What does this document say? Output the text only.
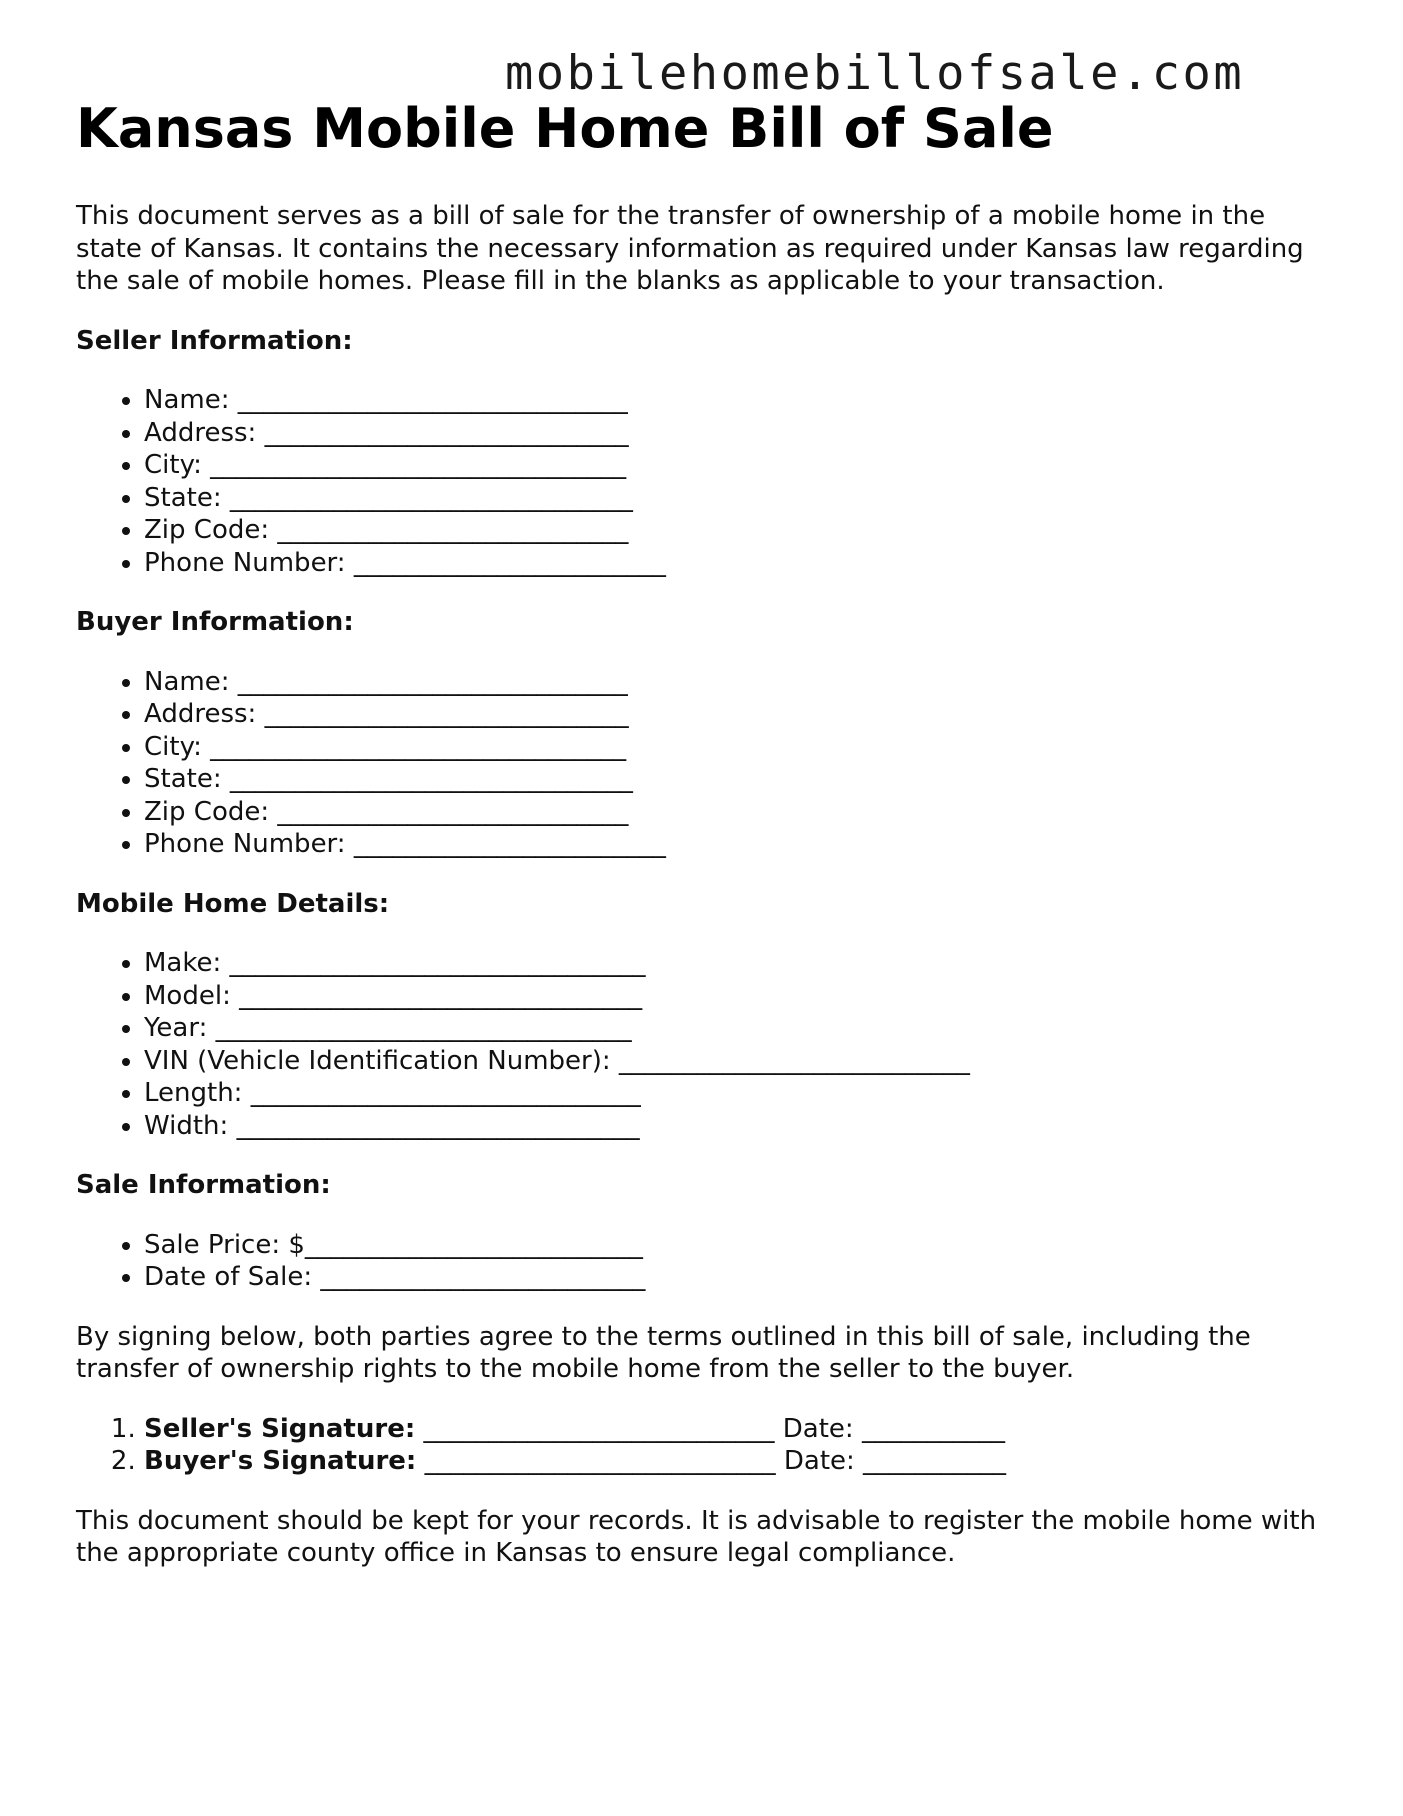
mobilehomebillofsale.com
Kansas Mobile Home Bill of Sale

This document serves as a bill of sale for the transfer of ownership of a mobile home in the state of Kansas. It contains the necessary information as required under Kansas law regarding the sale of mobile homes. Please fill in the blanks as applicable to your transaction.

Seller Information:
• Name: ______________________________
• Address: ____________________________
• City: ________________________________
• State: _______________________________
• Zip Code: ___________________________
• Phone Number: ________________________
Buyer Information:
• Name: ______________________________
• Address: ____________________________
• City: ________________________________
• State: _______________________________
• Zip Code: ___________________________
• Phone Number: ________________________
Mobile Home Details:
• Make: ________________________________
• Model: _______________________________
• Year: ________________________________
• VIN (Vehicle Identification Number): ___________________________
• Length: ______________________________
• Width: _______________________________
Sale Information:
• Sale Price: $__________________________
• Date of Sale: _________________________

By signing below, both parties agree to the terms outlined in this bill of sale, including the transfer of ownership rights to the mobile home from the seller to the buyer.

1. Seller's Signature: ___________________________ Date: ___________
2. Buyer's Signature: ___________________________ Date: ___________

This document should be kept for your records. It is advisable to register the mobile home with the appropriate county office in Kansas to ensure legal compliance.
